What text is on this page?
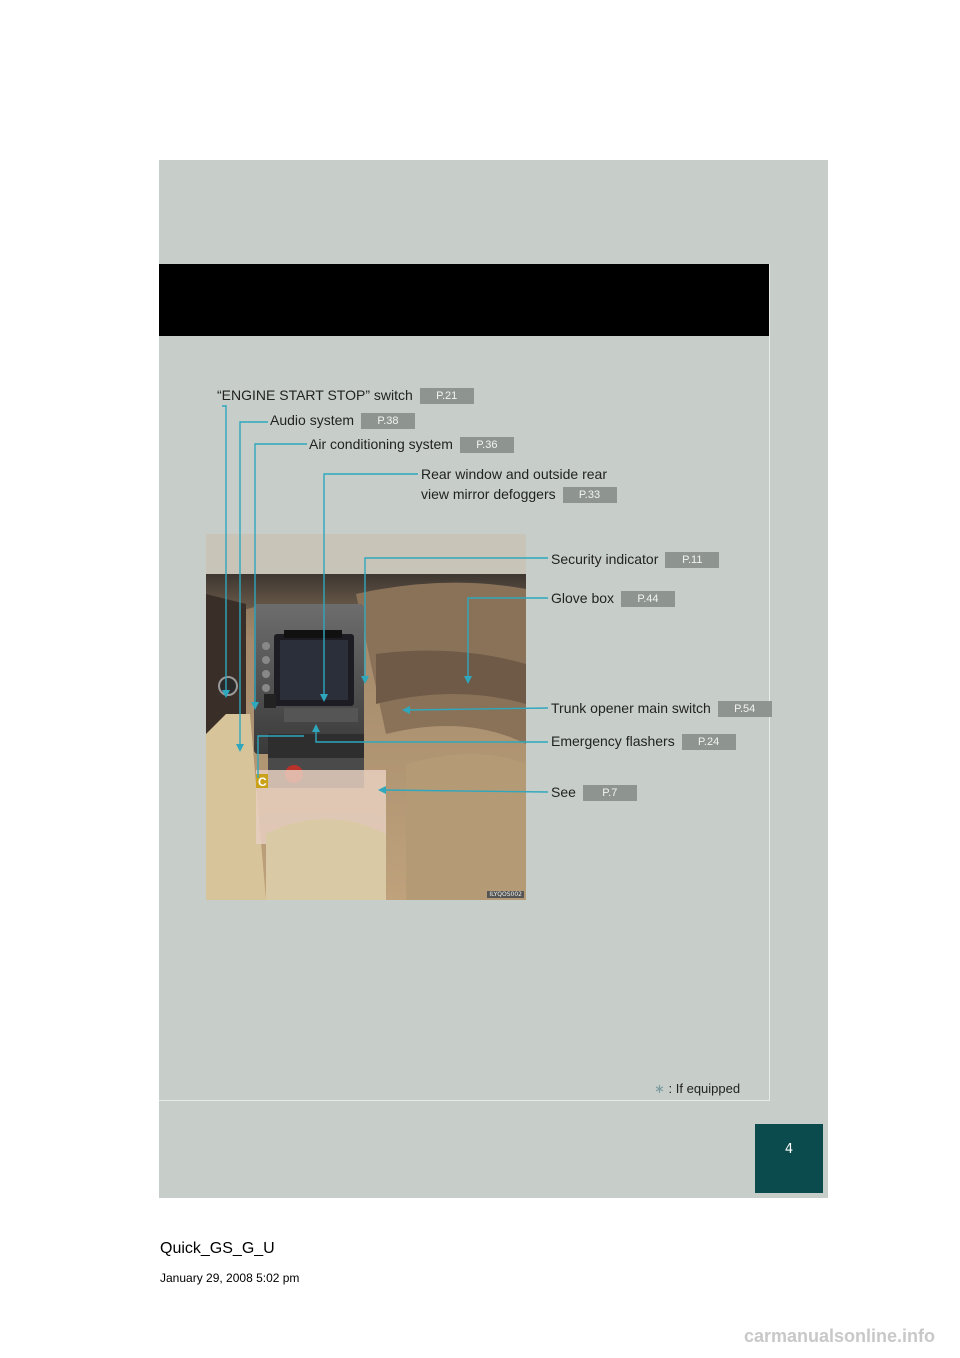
4
C
ILYQOS002
“ENGINE START STOP” switch P.21
Audio system P.38
Air conditioning system P.36
Rear window and outside rear
view mirror defoggers P.33
Security indicator P.11
Glove box P.44
Trunk opener main switch P.54
Emergency flashers P.24
See P.7
∗ : If equipped
Quick_GS_G_U
January 29, 2008 5:02 pm
carmanualsonline.info
